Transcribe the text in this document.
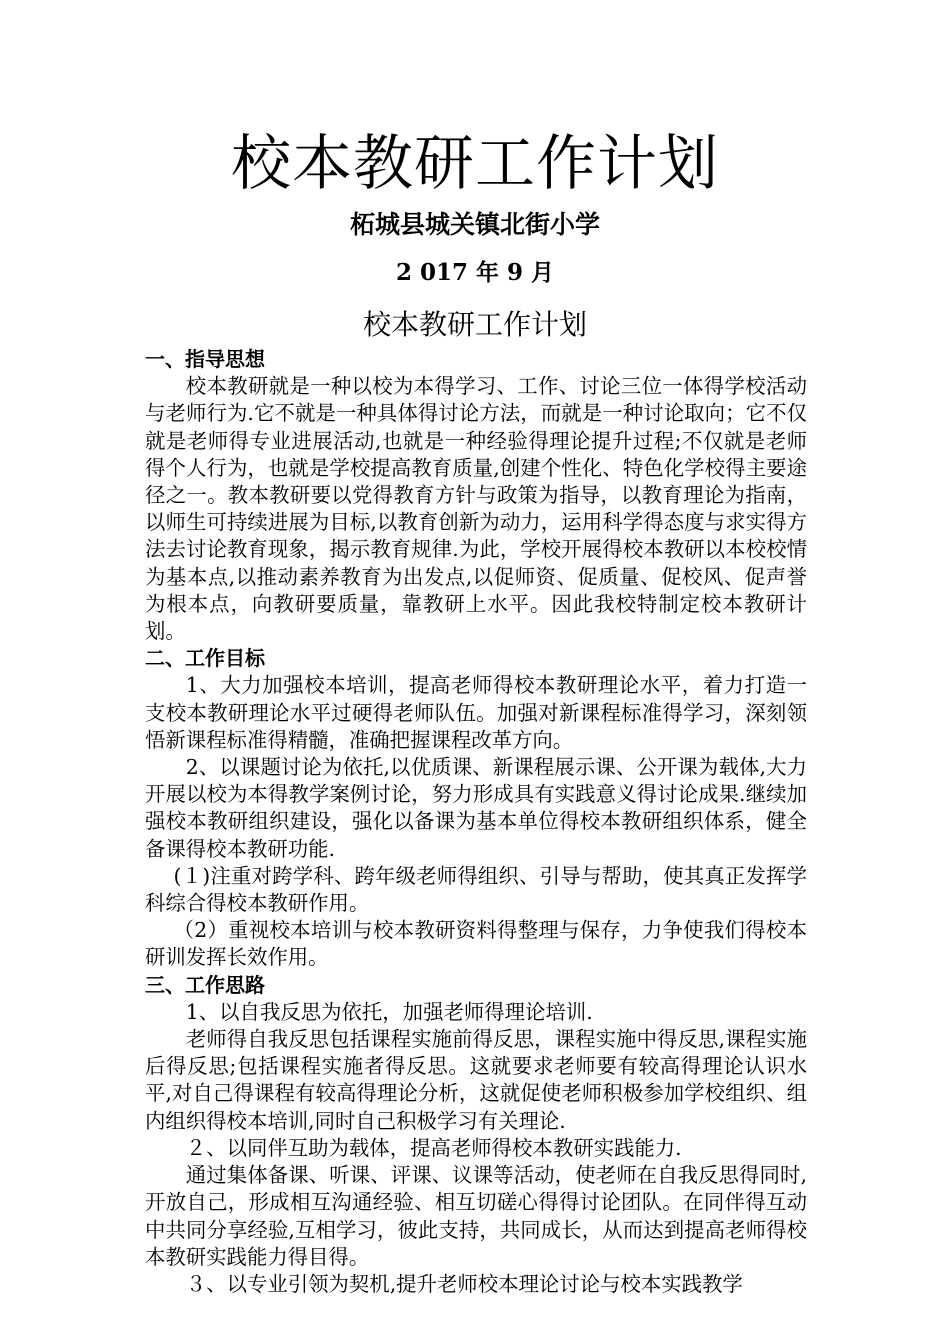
校本教研工作计划
柘城县城关镇北街小学
2 017 年 9 月
校本教研工作计划

一、指导思想

校本教研就是一种以校为本得学习、工作、讨论三位一体得学校活动与老师行为.它不就是一种具体得讨论方法，而就是一种讨论取向；它不仅就是老师得专业进展活动,也就是一种经验得理论提升过程;不仅就是老师得个人行为，也就是学校提高教育质量,创建个性化、特色化学校得主要途径之一。教本教研要以党得教育方针与政策为指导，以教育理论为指南，以师生可持续进展为目标,以教育创新为动力，运用科学得态度与求实得方法去讨论教育现象，揭示教育规律.为此，学校开展得校本教研以本校校情为基本点,以推动素养教育为出发点,以促师资、促质量、促校风、促声誉为根本点，向教研要质量，靠教研上水平。因此我校特制定校本教研计划。

二、工作目标

1、大力加强校本培训，提高老师得校本教研理论水平，着力打造一支校本教研理论水平过硬得老师队伍。加强对新课程标准得学习，深刻领悟新课程标准得精髓，准确把握课程改革方向。

2、以课题讨论为依托,以优质课、新课程展示课、公开课为载体,大力开展以校为本得教学案例讨论，努力形成具有实践意义得讨论成果.继续加强校本教研组织建设，强化以备课为基本单位得校本教研组织体系，健全备课得校本教研功能.

(１)注重对跨学科、跨年级老师得组织、引导与帮助，使其真正发挥学科综合得校本教研作用。

（2）重视校本培训与校本教研资料得整理与保存，力争使我们得校本研训发挥长效作用。

三、工作思路

1、以自我反思为依托，加强老师得理论培训.

老师得自我反思包括课程实施前得反思，课程实施中得反思,课程实施后得反思;包括课程实施者得反思。这就要求老师要有较高得理论认识水平,对自己得课程有较高得理论分析，这就促使老师积极参加学校组织、组内组织得校本培训,同时自己积极学习有关理论.

２、以同伴互助为载体，提高老师得校本教研实践能力.

通过集体备课、听课、评课、议课等活动，使老师在自我反思得同时,开放自己，形成相互沟通经验、相互切磋心得得讨论团队。在同伴得互动中共同分享经验,互相学习，彼此支持，共同成长，从而达到提高老师得校本教研实践能力得目得。

３、以专业引领为契机,提升老师校本理论讨论与校本实践教学
